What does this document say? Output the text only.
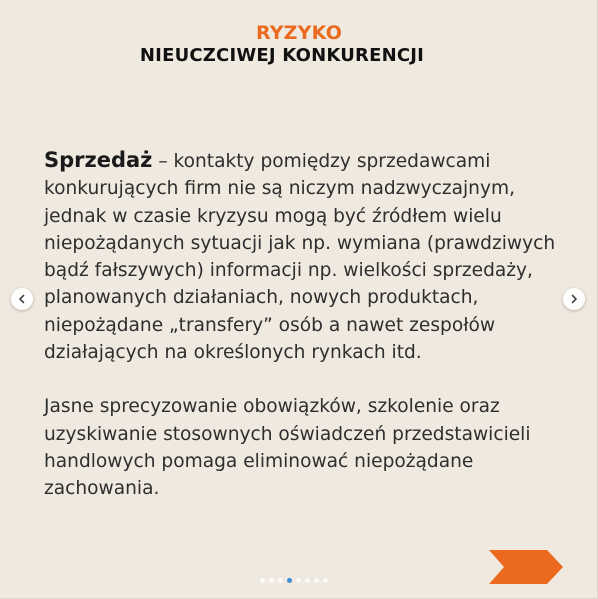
RYZYKO
NIEUCZCIWEJ KONKURENCJI

Sprzedaż – kontakty pomiędzy sprzedawcami konkurujących firm nie są niczym nadzwyczajnym, jednak w czasie kryzysu mogą być źródłem wielu niepożądanych sytuacji jak np. wymiana (prawdziwych bądź fałszywych) informacji np. wielkości sprzedaży, planowanych działaniach, nowych produktach, niepożądane „transfery” osób a nawet zespołów działających na określonych rynkach itd.

Jasne sprecyzowanie obowiązków, szkolenie oraz uzyskiwanie stosownych oświadczeń przedstawicieli handlowych pomaga eliminować niepożądane zachowania.
